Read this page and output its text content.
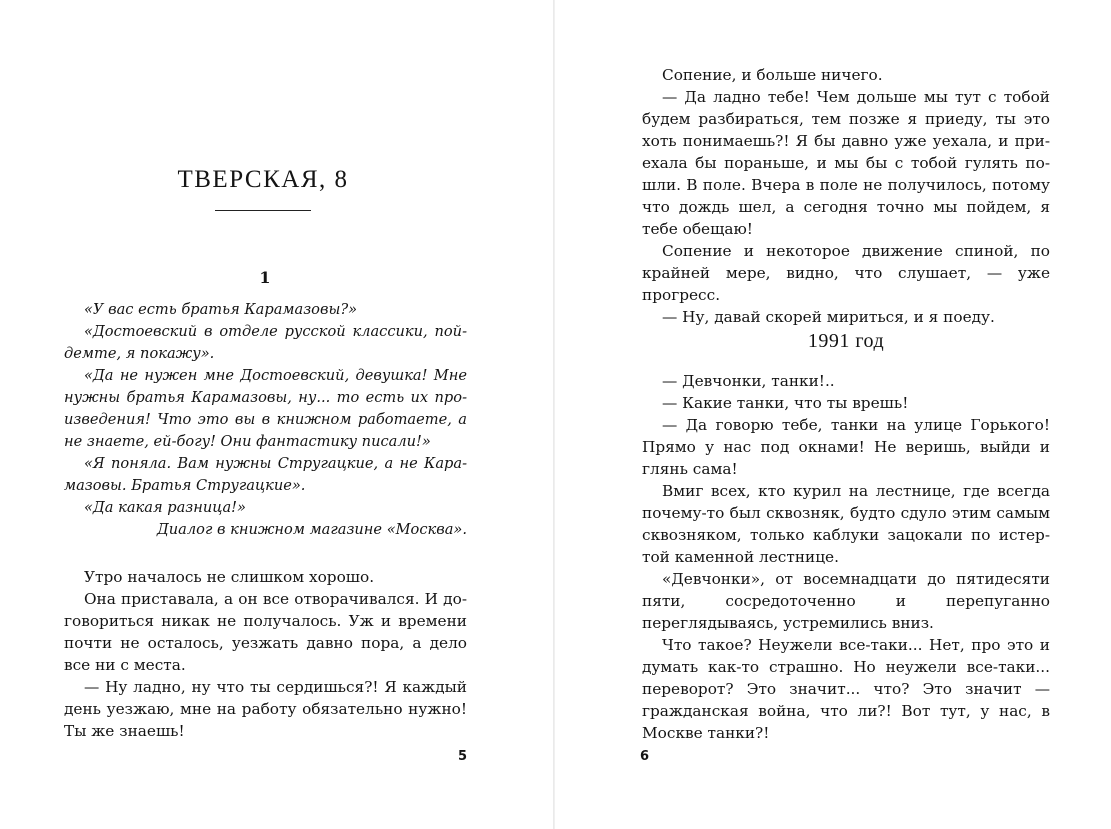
ТВЕРСКАЯ, 8
1

«У вас есть братья Карамазовы?»

«Достоевский в отделе русской классики, пойдемте, я покажу».

«Да не нужен мне Достоевский, девушка! Мне нужны братья Карамазовы, ну... то есть их произведения! Что это вы в книжном работаете, а не знаете, ей-богу! Они фантастику писали!»

«Я поняла. Вам нужны Стругацкие, а не Карамазовы. Братья Стругацкие».

«Да какая разница!»

Диалог в книжном магазине «Москва».

Утро началось не слишком хорошо.

Она приставала, а он все отворачивался. И договориться никак не получалось. Уж и времени почти не осталось, уезжать давно пора, а дело все ни с места.

— Ну ладно, ну что ты сердишься?! Я каждый день уезжаю, мне на работу обязательно нужно! Ты же знаешь!

5

Сопение, и больше ничего.

— Да ладно тебе! Чем дольше мы тут с тобой будем разбираться, тем позже я приеду, ты это хоть понимаешь?! Я бы давно уже уехала, и приехала бы пораньше, и мы бы с тобой гулять пошли. В поле. Вчера в поле не получилось, потому что дождь шел, а сегодня точно мы пойдем, я тебе обещаю!

Сопение и некоторое движение спиной, по крайней мере, видно, что слушает, — уже прогресс.

— Ну, давай скорей мириться, и я поеду.

1991 год

— Девчонки, танки!..

— Какие танки, что ты врешь!

— Да говорю тебе, танки на улице Горького! Прямо у нас под окнами! Не веришь, выйди и глянь сама!

Вмиг всех, кто курил на лестнице, где всегда почему-то был сквозняк, будто сдуло этим самым сквозняком, только каблуки зацокали по истертой каменной лестнице.

«Девчонки», от восемнадцати до пятидесяти пяти, сосредоточенно и перепуганно переглядываясь, устремились вниз.

Что такое? Неужели все-таки... Нет, про это и думать как-то страшно. Но неужели все-таки... переворот? Это значит... что? Это значит — гражданская война, что ли?! Вот тут, у нас, в Москве танки?!

6
